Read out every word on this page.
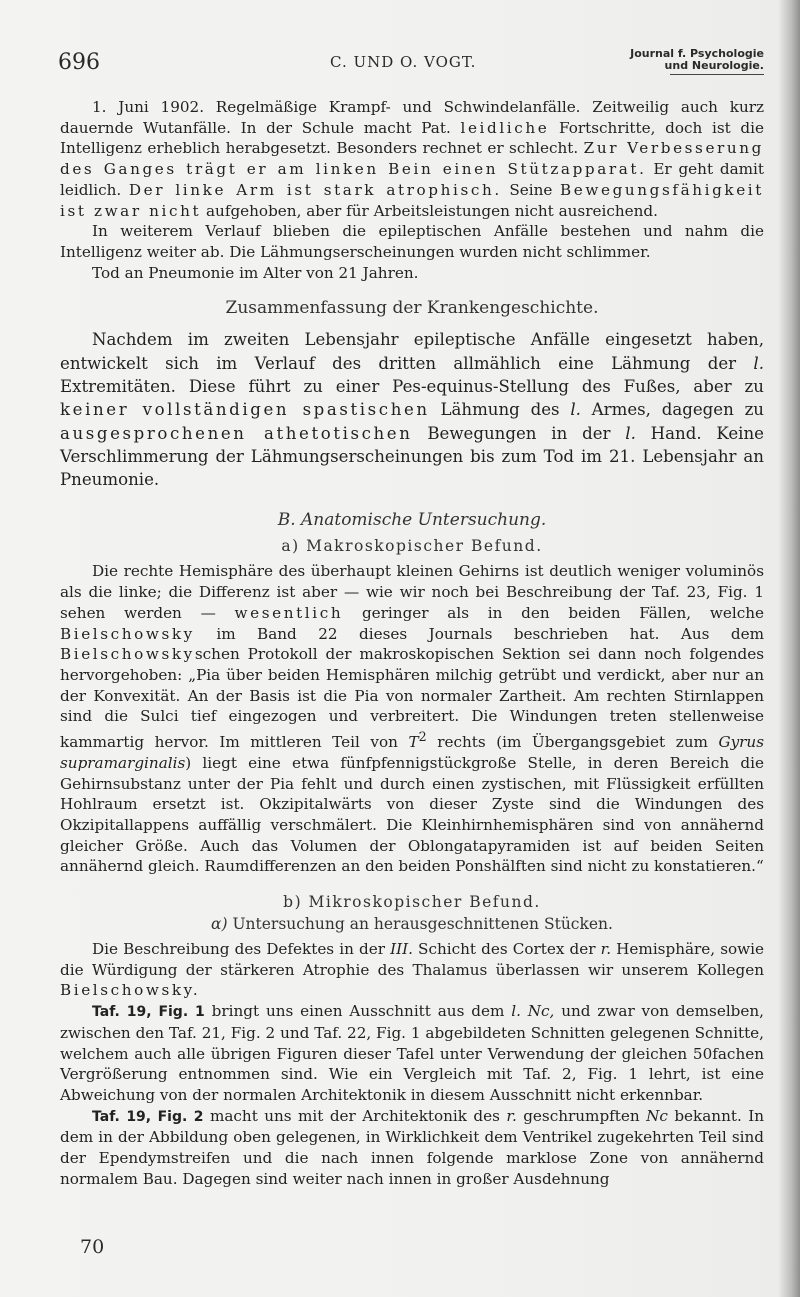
696	C. UND O. VOGT.	Journal f. Psychologie
und Neurologie.

1. Juni 1902. Regelmäßige Krampf- und Schwindelanfälle. Zeitweilig auch kurz dauernde Wutanfälle. In der Schule macht Pat. leidliche Fortschritte, doch ist die Intelligenz erheblich herabgesetzt. Besonders rechnet er schlecht. Zur Verbesserung des Ganges trägt er am linken Bein einen Stützapparat. Er geht damit leidlich. Der linke Arm ist stark atrophisch. Seine Bewegungsfähigkeit ist zwar nicht aufgehoben, aber für Arbeitsleistungen nicht ausreichend.

In weiterem Verlauf blieben die epileptischen Anfälle bestehen und nahm die Intelligenz weiter ab. Die Lähmungserscheinungen wurden nicht schlimmer.

Tod an Pneumonie im Alter von 21 Jahren.

Zusammenfassung der Krankengeschichte.

Nachdem im zweiten Lebensjahr epileptische Anfälle eingesetzt haben, entwickelt sich im Verlauf des dritten allmählich eine Lähmung der l. Extremitäten. Diese führt zu einer Pes-equinus-Stellung des Fußes, aber zu keiner vollständigen spastischen Lähmung des l. Armes, dagegen zu ausgesprochenen athetotischen Bewegungen in der l. Hand. Keine Verschlimmerung der Lähmungserscheinungen bis zum Tod im 21. Lebensjahr an Pneumonie.

B. Anatomische Untersuchung.
a) Makroskopischer Befund.

Die rechte Hemisphäre des überhaupt kleinen Gehirns ist deutlich weniger voluminös als die linke; die Differenz ist aber — wie wir noch bei Beschreibung der Taf. 23, Fig. 1 sehen werden — wesentlich geringer als in den beiden Fällen, welche Bielschowsky im Band 22 dieses Journals beschrieben hat. Aus dem Bielschowskyschen Protokoll der makroskopischen Sektion sei dann noch folgendes hervorgehoben: „Pia über beiden Hemisphären milchig getrübt und verdickt, aber nur an der Konvexität. An der Basis ist die Pia von normaler Zartheit. Am rechten Stirnlappen sind die Sulci tief eingezogen und verbreitert. Die Windungen treten stellenweise kammartig hervor. Im mittleren Teil von $T^2$ rechts (im Übergangsgebiet zum Gyrus supramarginalis) liegt eine etwa fünfpfennigstückgroße Stelle, in deren Bereich die Gehirnsubstanz unter der Pia fehlt und durch einen zystischen, mit Flüssigkeit erfüllten Hohlraum ersetzt ist. Okzipitalwärts von dieser Zyste sind die Windungen des Okzipitallappens auffällig verschmälert. Die Kleinhirnhemisphären sind von annähernd gleicher Größe. Auch das Volumen der Oblongatapyramiden ist auf beiden Seiten annähernd gleich. Raumdifferenzen an den beiden Ponshälften sind nicht zu konstatieren.“

b) Mikroskopischer Befund.
α) Untersuchung an herausgeschnittenen Stücken.

Die Beschreibung des Defektes in der III. Schicht des Cortex der r. Hemisphäre, sowie die Würdigung der stärkeren Atrophie des Thalamus überlassen wir unserem Kollegen Bielschowsky.

Taf. 19, Fig. 1 bringt uns einen Ausschnitt aus dem l. Nc, und zwar von demselben, zwischen den Taf. 21, Fig. 2 und Taf. 22, Fig. 1 abgebildeten Schnitten gelegenen Schnitte, welchem auch alle übrigen Figuren dieser Tafel unter Verwendung der gleichen 50fachen Vergrößerung entnommen sind. Wie ein Vergleich mit Taf. 2, Fig. 1 lehrt, ist eine Abweichung von der normalen Architektonik in diesem Ausschnitt nicht erkennbar.

Taf. 19, Fig. 2 macht uns mit der Architektonik des r. geschrumpften Nc bekannt. In dem in der Abbildung oben gelegenen, in Wirklichkeit dem Ventrikel zugekehrten Teil sind der Ependymstreifen und die nach innen folgende marklose Zone von annähernd normalem Bau. Dagegen sind weiter nach innen in großer Ausdehnung

70
